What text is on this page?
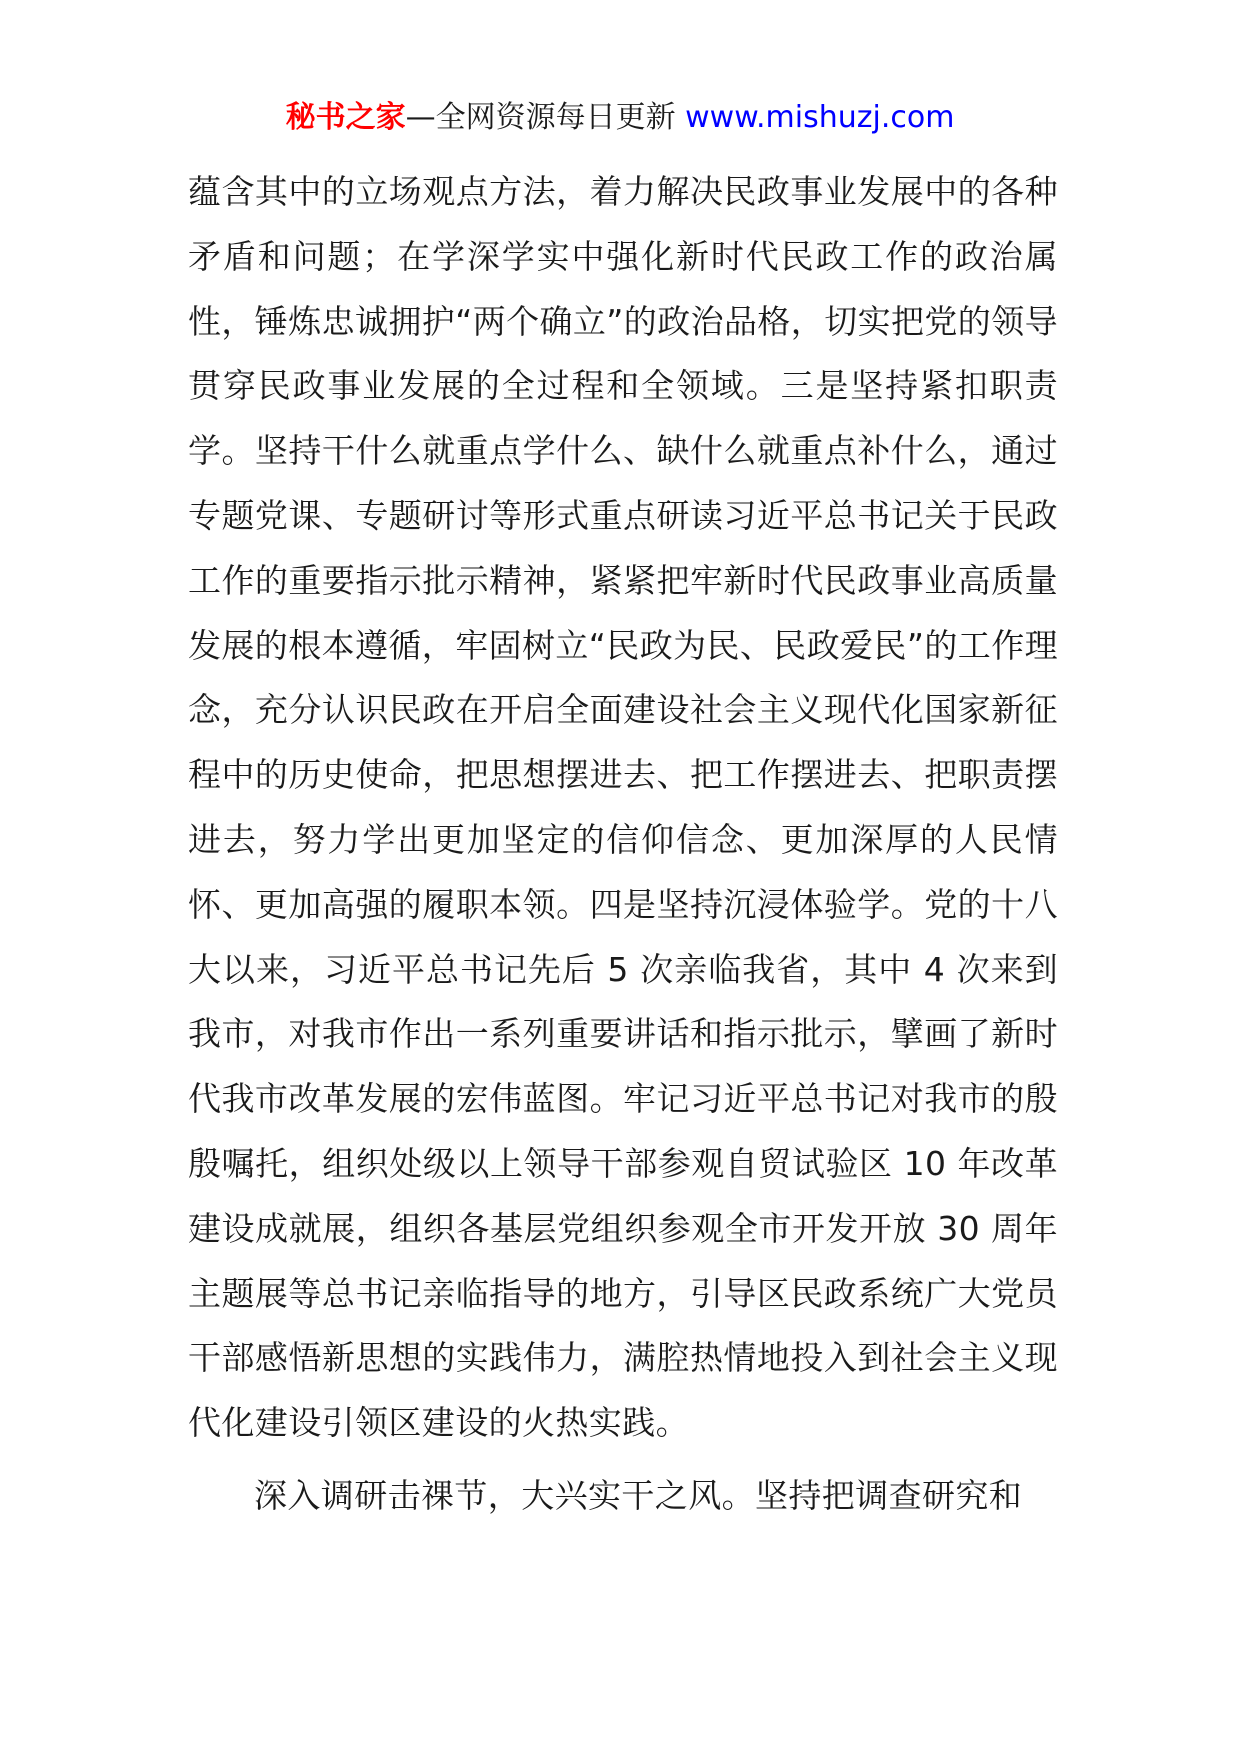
秘书之家—全网资源每日更新 www.mishuzj.com

蕴含其中的立场观点方法，着力解决民政事业发展中的各种矛盾和问题；在学深学实中强化新时代民政工作的政治属性，锤炼忠诚拥护“两个确立”的政治品格，切实把党的领导贯穿民政事业发展的全过程和全领域。三是坚持紧扣职责学。坚持干什么就重点学什么、缺什么就重点补什么，通过专题党课、专题研讨等形式重点研读习近平总书记关于民政工作的重要指示批示精神，紧紧把牢新时代民政事业高质量发展的根本遵循，牢固树立“民政为民、民政爱民”的工作理念，充分认识民政在开启全面建设社会主义现代化国家新征程中的历史使命，把思想摆进去、把工作摆进去、把职责摆进去，努力学出更加坚定的信仰信念、更加深厚的人民情怀、更加高强的履职本领。四是坚持沉浸体验学。党的十八大以来，习近平总书记先后 5 次亲临我省，其中 4 次来到我市，对我市作出一系列重要讲话和指示批示，擘画了新时代我市改革发展的宏伟蓝图。牢记习近平总书记对我市的殷殷嘱托，组织处级以上领导干部参观自贸试验区 10 年改革建设成就展，组织各基层党组织参观全市开发开放 30 周年主题展等总书记亲临指导的地方，引导区民政系统广大党员干部感悟新思想的实践伟力，满腔热情地投入到社会主义现代化建设引领区建设的火热实践。

深入调研击祼节，大兴实干之风。坚持把调查研究和
